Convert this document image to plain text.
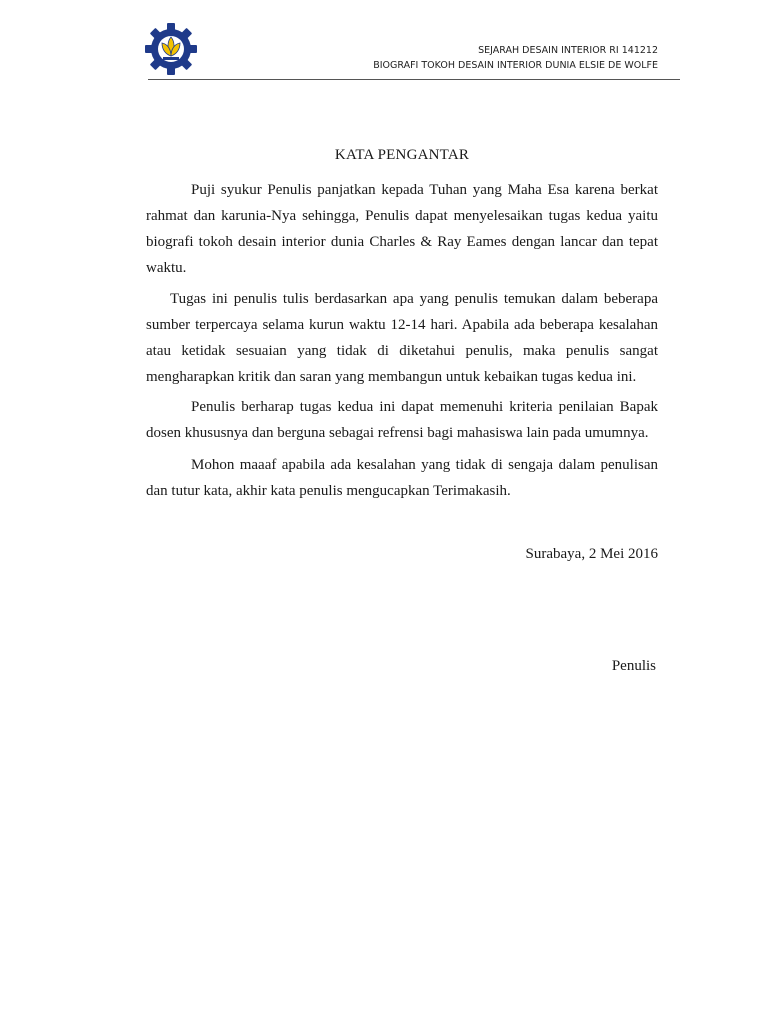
SEJARAH DESAIN INTERIOR RI 141212
BIOGRAFI TOKOH DESAIN INTERIOR DUNIA ELSIE DE WOLFE
KATA PENGANTAR

Puji syukur Penulis panjatkan kepada Tuhan yang Maha Esa karena berkat rahmat dan karunia-Nya sehingga, Penulis dapat menyelesaikan tugas kedua yaitu biografi tokoh desain interior dunia Charles & Ray Eames dengan lancar dan tepat waktu.

Tugas ini penulis tulis berdasarkan apa yang penulis temukan dalam beberapa sumber terpercaya selama kurun waktu 12-14 hari. Apabila ada beberapa kesalahan atau ketidak sesuaian yang tidak di diketahui penulis, maka penulis sangat mengharapkan kritik dan saran yang membangun untuk kebaikan tugas kedua ini.

Penulis berharap tugas kedua ini dapat memenuhi kriteria penilaian Bapak dosen khususnya dan berguna sebagai refrensi bagi mahasiswa lain pada umumnya.

Mohon maaaf apabila ada kesalahan yang tidak di sengaja dalam penulisan dan tutur kata, akhir kata penulis mengucapkan Terimakasih.

Surabaya, 2 Mei 2016
Penulis
